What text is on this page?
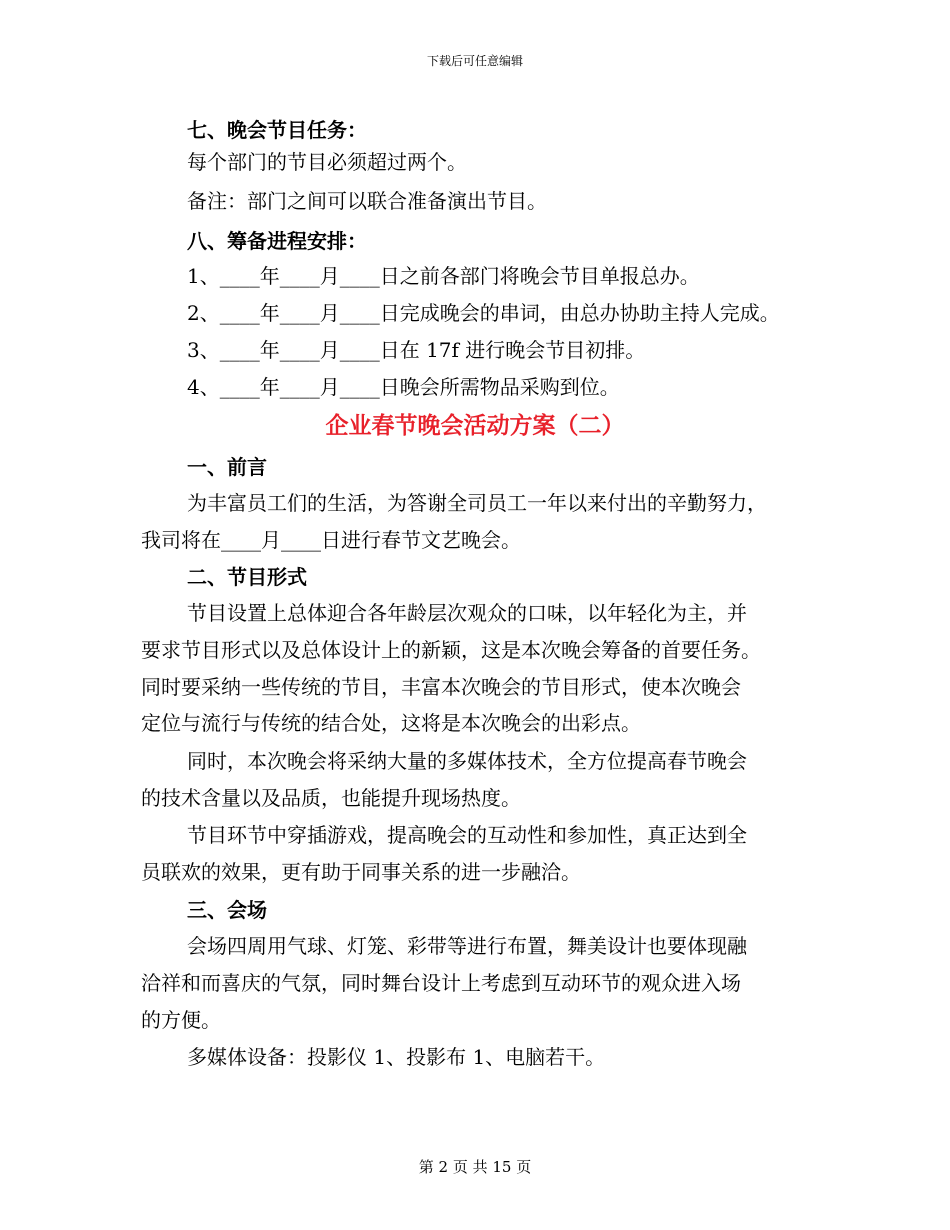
下载后可任意编辑
七、晚会节目任务：
每个部门的节目必须超过两个。
备注：部门之间可以联合准备演出节目。
八、筹备进程安排：
1、____年____月____日之前各部门将晚会节目单报总办。
2、____年____月____日完成晚会的串词，由总办协助主持人完成。
3、____年____月____日在 17f 进行晚会节目初排。
4、____年____月____日晚会所需物品采购到位。
企业春节晚会活动方案（二）
一、前言
为丰富员工们的生活，为答谢全司员工一年以来付出的辛勤努力，
我司将在____月____日进行春节文艺晚会。
二、节目形式
节目设置上总体迎合各年龄层次观众的口味，以年轻化为主，并
要求节目形式以及总体设计上的新颖，这是本次晚会筹备的首要任务。
同时要采纳一些传统的节目，丰富本次晚会的节目形式，使本次晚会
定位与流行与传统的结合处，这将是本次晚会的出彩点。
同时，本次晚会将采纳大量的多媒体技术，全方位提高春节晚会
的技术含量以及品质，也能提升现场热度。
节目环节中穿插游戏，提高晚会的互动性和参加性，真正达到全
员联欢的效果，更有助于同事关系的进一步融洽。
三、会场
会场四周用气球、灯笼、彩带等进行布置，舞美设计也要体现融
洽祥和而喜庆的气氛，同时舞台设计上考虑到互动环节的观众进入场
的方便。
多媒体设备：投影仪 1、投影布 1、电脑若干。
第 2 页 共 15 页
